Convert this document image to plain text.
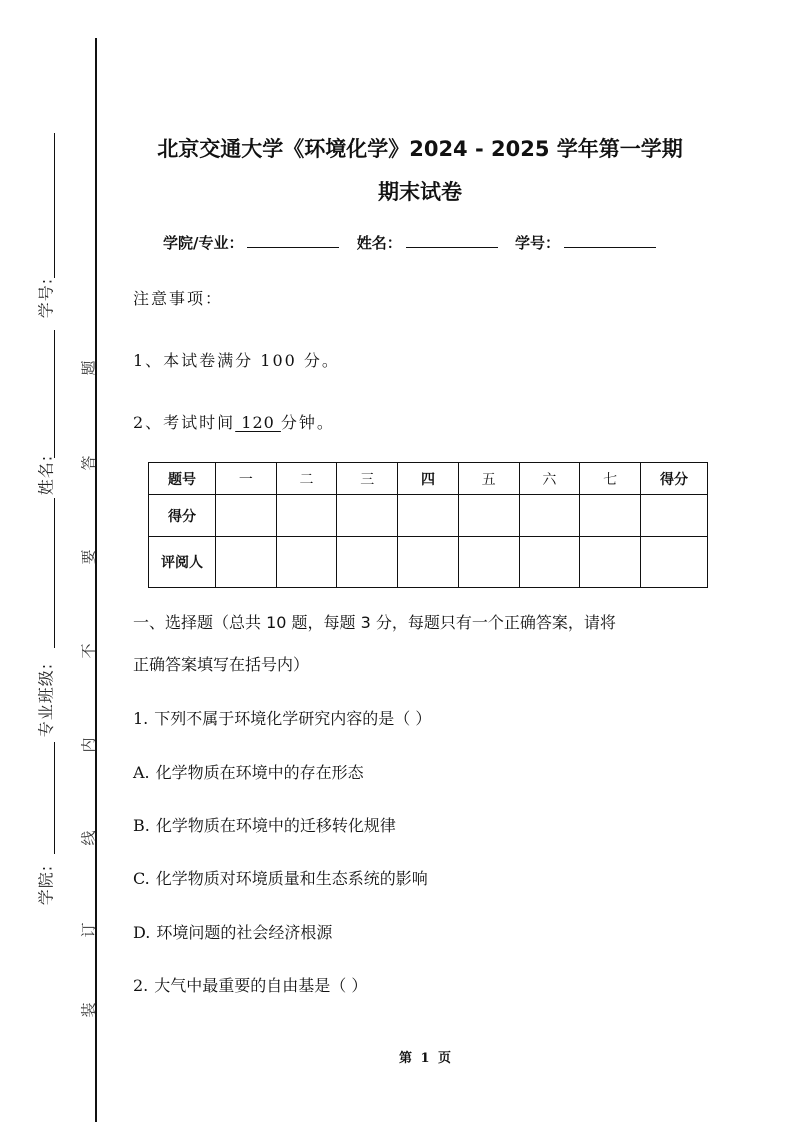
学号:
姓名:
专业班级:
学院:
题
答
要
不
内
线
订
装
北京交通大学《环境化学》2024 - 2025 学年第一学期
期末试卷
学院/专业：	姓名：	学号：
注意事项：
1、本试卷满分 100 分。
2、考试时间 120 分钟。
题号	一	二	三	四	五	六	七	得分
得分								
评阅人								
一、选择题（总共 10 题，每题 3 分，每题只有一个正确答案，请将
正确答案填写在括号内）
1. 下列不属于环境化学研究内容的是（ ）
A. 化学物质在环境中的存在形态
B. 化学物质在环境中的迁移转化规律
C. 化学物质对环境质量和生态系统的影响
D. 环境问题的社会经济根源
2. 大气中最重要的自由基是（ ）
第 1 页
